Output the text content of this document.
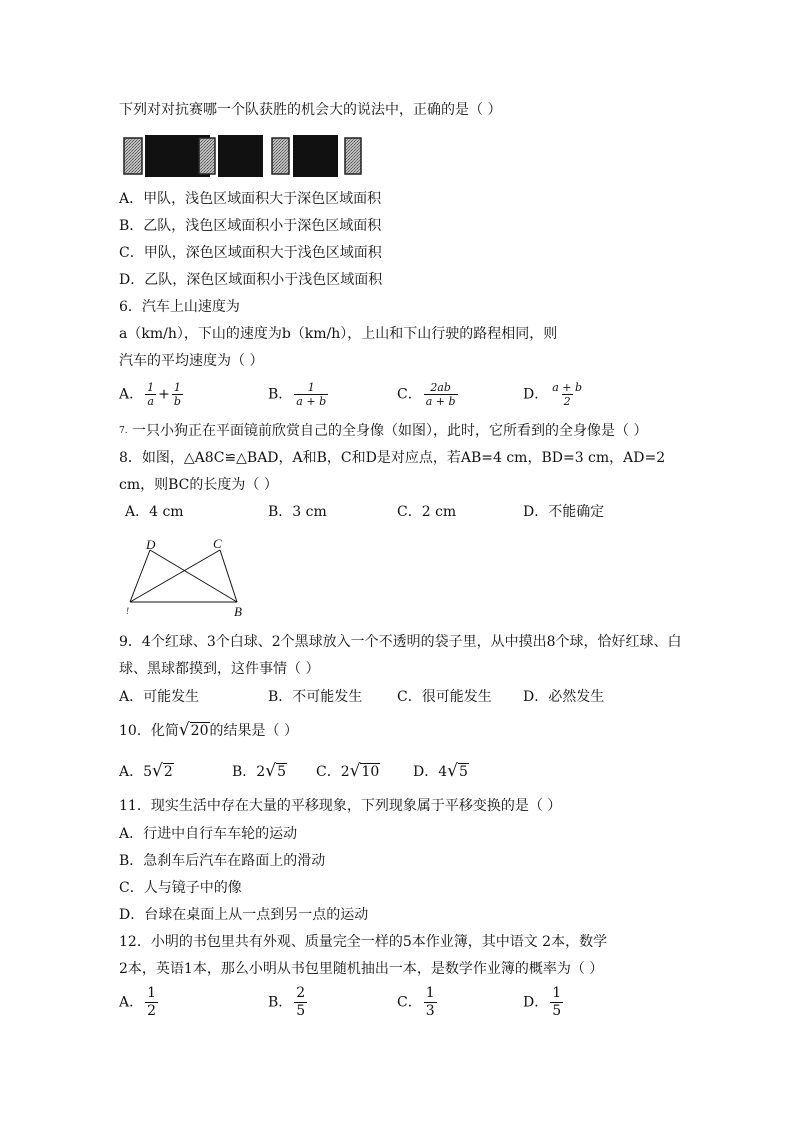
下列对对抗赛哪一个队获胜的机会大的说法中，正确的是（ ）
A．甲队，浅色区域面积大于深色区域面积
B．乙队，浅色区域面积小于深色区域面积
C．甲队，深色区域面积大于浅色区域面积
D．乙队，深色区域面积小于浅色区域面积
6．汽车上山速度为
a（km/h），下山的速度为b（km/h），上山和下山行驶的路程相同，则
汽车的平均速度为（ ）
A． $\frac{1}{a} + \frac{1}{b}$	B． $\frac{1}{a + b}$	C． $\frac{2ab}{a + b}$	D． $\frac{a + b}{2}$
$^{7.}$ 一只小狗正在平面镜前欣赏自己的全身像（如图），此时，它所看到的全身像是（ ）
8．如图，△A8C≌△BAD，A和B，C和D是对应点，若AB=4 cm，BD=3 cm，AD=2
cm，则BC的长度为（ ）
A．4 cm	B．3 cm	C．2 cm	D．不能确定
D	C
!	B
9．4个红球、3个白球、2个黑球放入一个不透明的袋子里，从中摸出8个球，恰好红球、白
球、黑球都摸到，这件事情（ ）
A．可能发生	B．不可能发生 C．很可能发生 D．必然发生
10．化简√20的结果是（ ）
A．5√2	B．2√5 C．2√10 D．4√5
11．现实生活中存在大量的平移现象，下列现象属于平移变换的是（ ）
A．行进中自行车车轮的运动
B．急刹车后汽车在路面上的滑动
C．人与镜子中的像
D．台球在桌面上从一点到另一点的运动
12．小明的书包里共有外观、质量完全一样的5本作业簿，其中语文 2本，数学
2本，英语1本，那么小明从书包里随机抽出一本，是数学作业簿的概率为（ ）
A． $\frac{1}{2}$	B． $\frac{2}{5}$	C． $\frac{1}{3}$	D． $\frac{1}{5}$
